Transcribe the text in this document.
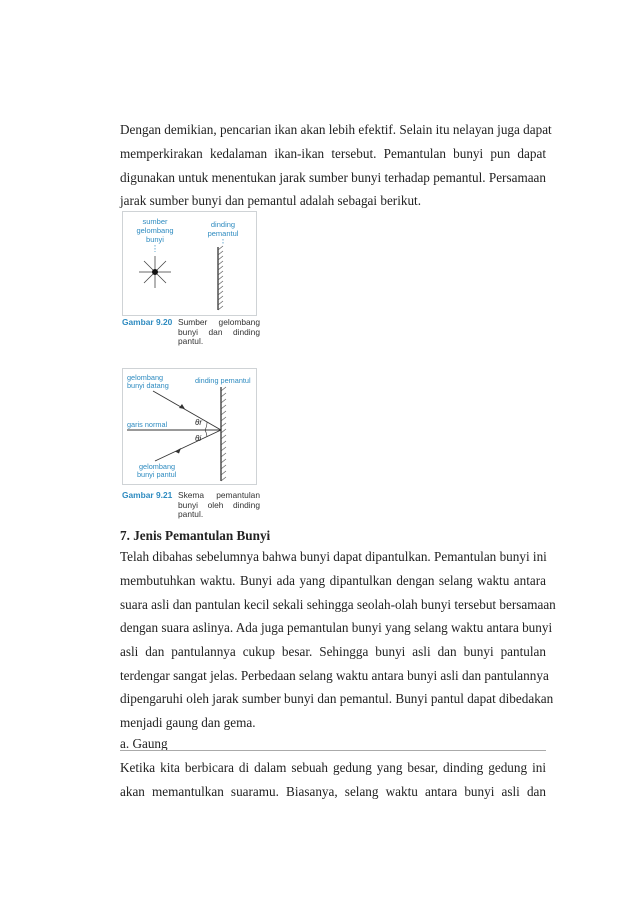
Dengan demikian, pencarian ikan akan lebih efektif. Selain itu nelayan juga dapat
memperkirakan kedalaman ikan-ikan tersebut. Pemantulan bunyi pun dapat
digunakan untuk menentukan jarak sumber bunyi terhadap pemantul. Persamaan
jarak sumber bunyi dan pemantul adalah sebagai berikut.
sumber
gelombang
bunyi
dinding
pemantul
Gambar 9.20 Sumber gelombang
bunyi dan dinding
pantul.
gelombang
bunyi datang
dinding pemantul
garis normal
gelombang
bunyi pantul
θr
θi
Gambar 9.21 Skema pemantulan
bunyi oleh dinding
pantul.
7. Jenis Pemantulan Bunyi
Telah dibahas sebelumnya bahwa bunyi dapat dipantulkan. Pemantulan bunyi ini
membutuhkan waktu. Bunyi ada yang dipantulkan dengan selang waktu antara
suara asli dan pantulan kecil sekali sehingga seolah-olah bunyi tersebut bersamaan
dengan suara aslinya. Ada juga pemantulan bunyi yang selang waktu antara bunyi
asli dan pantulannya cukup besar. Sehingga bunyi asli dan bunyi pantulan
terdengar sangat jelas. Perbedaan selang waktu antara bunyi asli dan pantulannya
dipengaruhi oleh jarak sumber bunyi dan pemantul. Bunyi pantul dapat dibedakan
menjadi gaung dan gema.
a. Gaung
Ketika kita berbicara di dalam sebuah gedung yang besar, dinding gedung ini
akan memantulkan suaramu. Biasanya, selang waktu antara bunyi asli dan
